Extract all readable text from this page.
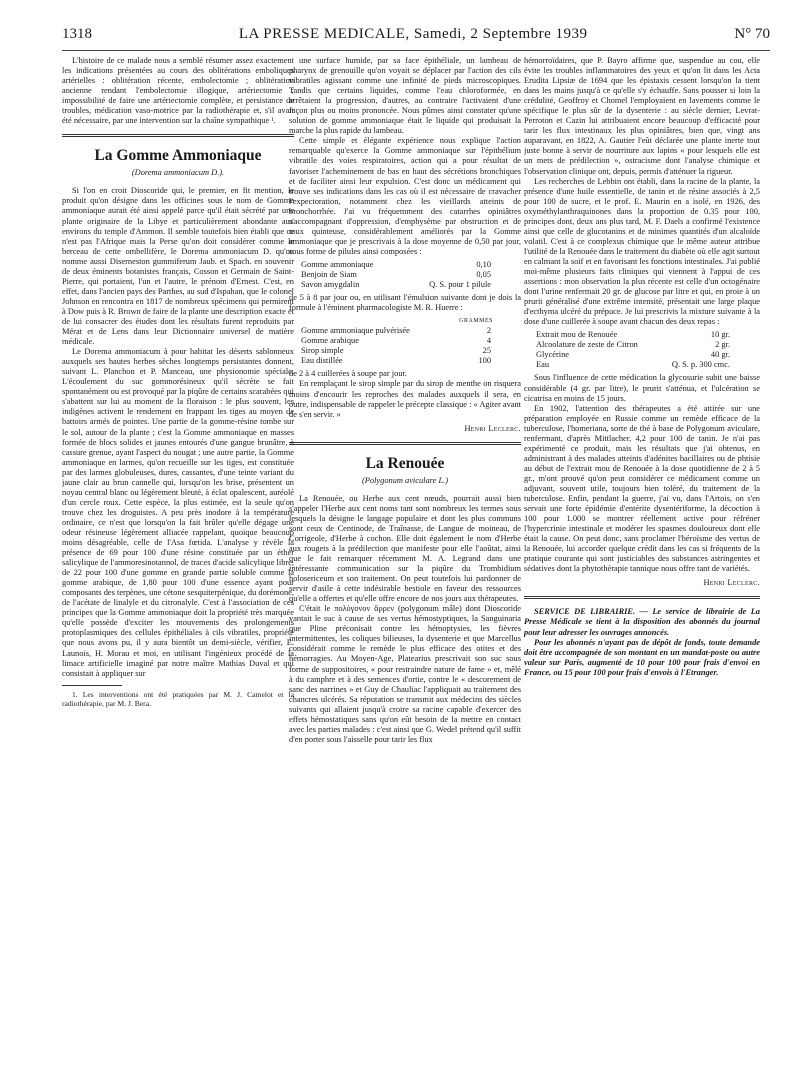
1318	LA PRESSE MEDICALE, Samedi, 2 Septembre 1939	N° 70

L'histoire de ce malade nous a semblé résumer assez exactement les indications présentées au cours des oblitérations emboliques artérielles : oblitération récente, embolectomie ; oblitération ancienne rendant l'embolectomie illogique, artériectomie ; impossibilité de faire une artériectomie complète, et persistance de troubles, médication vaso-motrice par la radiothérapie et, s'il avait été nécessaire, par une intervention sur la chaîne sympathique ¹.

La Gomme Ammoniaque
(Dorema ammoniacum D.).

Si l'on en croit Dioscoride qui, le premier, en fit mention, le produit qu'on désigne dans les officines sous le nom de Gomme ammoniaque aurait été ainsi appelé parce qu'il était sécrété par une plante originaire de la Libye et particulièrement abondante aux environs du temple d'Ammon. Il semble toutefois bien établi que ce n'est pas l'Afrique mais la Perse qu'on doit considérer comme le berceau de cette ombellifère, le Dorema ammoniacum D. qu'on nomme aussi Diserneston gummiferum Jaub. et Spach. en souvenir de deux éminents botanistes français, Cosson et Germain de Saint-Pierre, qui portaient, l'un et l'autre, le prénom d'Ernest. C'est, en effet, dans l'ancien pays des Parthes, au sud d'Ispahan, que le colonel Johnson en rencontra en 1817 de nombreux spécimens qui permirent à Dow puis à R. Brown de faire de la plante une description exacte et de lui consacrer des études dont les résultats furent reproduits par Mérat et de Lens dans leur Dictionnaire universel de matière médicale.

Le Dorema ammoniacum à pour habitat les déserts sablonneux auxquels ses hautes herbes sèches longtemps persistantes donnent, suivant L. Planchon et P. Manceau, une physionomie spéciale. L'écoulement du suc gommorésineux qu'il sécrète se fait spontanément ou est provoqué par la piqûre de certains scarabées qui s'abattent sur lui au moment de la floraison : le plus souvent, les indigènes activent le rendement en frappant les tiges au moyen de battoirs armés de pointes. Une partie de la gomme-résine tombe sur le sol, autour de la plante ; c'est la Gomme ammoniaque en masses formée de blocs solides et jaunes entourés d'une gangue brunâtre, à cassure grenue, ayant l'aspect du nougat ; une autre partie, la Gomme ammoniaque en larmes, qu'on recueille sur les tiges, est constituée par des larmes globuleuses, dures, cassantes, d'une teinte variant du jaune clair au brun cannelle qui, lorsqu'on les brise, présentent un noyau central blanc ou légèrement bleuté, à éclat opalescent, auréolé d'un cercle roux. Cette espèce, la plus estimée, est la seule qu'on trouve chez les droguistes. A peu près inodore à la température ordinaire, ce n'est que lorsqu'on la fait brûler qu'elle dégage une odeur résineuse légèrement alliacée rappelant, quoique beaucoup moins désagréable, celle de l'Asa fœtida. L'analyse y révèle la présence de 69 pour 100 d'une résine constituée par un éther salicylique de l'ammoresinotannol, de traces d'acide salicylique libre, de 22 pour 100 d'une gomme en grande partie soluble comme la gomme arabique, de 1,80 pour 100 d'une essence ayant pour composants des terpènes, une cétone sesquiterpénique, du dorémone, de l'acétate de linalyle et du citronalyle. C'est à l'association de ces principes que la Gomme ammoniaque doit la propriété très marquée qu'elle possède d'exciter les mouvements des prolongements protoplasmiques des cellules épithéliales à cils vibratiles, propriété que nous avons pu, il y aura bientôt un demi-siècle, vérifier, E. Launois, H. Morau et moi, en utilisant l'ingénieux procédé de la limace artificielle imaginé par notre maître Mathias Duval et qui consistait à appliquer sur

1. Les interventions ont été pratiquées par M. J. Camelot et la radiothérapie, par M. J. Bera.

une surface humide, par sa face épithéliale, un lambeau de pharynx de grenouille qu'on voyait se déplacer par l'action des cils vibratiles agissant comme une infinité de pieds microscopiques. Tandis que certains liquides, comme l'eau chloroformée, en arrêtaient la progression, d'autres, au contraire l'activaient d'une façon plus ou moins prononcée. Nous pûmes ainsi constater qu'une solution de gomme ammoniaque était le liquide qui produisait la marche la plus rapide du lambeau.

Cette simple et élégante expérience nous explique l'action remarquable qu'exerce la Gomme ammoniaque sur l'épithélium vibratile des voies respiratoires, action qui a pour résultat de favoriser l'acheminement de bas en haut des sécrétions bronchiques et de faciliter ainsi leur expulsion. C'est donc un médicament qui trouve ses indications dans les cas où il est nécessaire de cravacher l'expectoration, notamment chez les vieillards atteints de bronchorrhée. J'ai vu fréquemment des catarrhes opiniâtres s'accompagnant d'oppression, d'emphysème par obstruction et de toux quinteuse, considérablement améliorés par la Gomme ammoniaque que je prescrivais à la dose moyenne de 0,50 par jour, sous forme de pilules ainsi composées :

Gomme ammoniaque	0,10
Benjoin de Siam	0,05
Savon amygdalin	Q. S. pour 1 pilule

de 5 à 8 par jour ou, en utilisant l'émulsion suivante dont je dois la formule à l'éminent pharmacologiste M. R. Huerre :

GRAMMES
Gomme ammoniaque pulvérisée	2
Gomme arabique	4
Sirop simple	25
Eau distillée	100

de 2 à 4 cuillerées à soupe par jour.

En remplaçant le sirop simple par du sirop de menthe on risquera moins d'encourir les reproches des malades auxquels il sera, en outre, indispensable de rappeler le précepte classique : « Agiter avant de s'en servir. »

Henri Leclerc.
La Renouée
(Polygonum aviculare L.)

La Renouée, ou Herbe aux cent nœuds, pourrait aussi bien s'appeler l'Herbe aux cent noms tant sont nombreux les termes sous lesquels la désigne le langage populaire et dont les plus communs sont ceux de Centinode, de Traînasse, de Langue de moineau, de Corrigeole, d'Herbe à cochon. Elle doit également le nom d'Herbe aux rougets à la prédilection que manifeste pour elle l'aoûtat, ainsi que le fait remarquer récemment M. A. Legrand dans une intéressante communication sur la piqûre du Trombidium holosericeum et son traitement. On peut toutefois lui pardonner de servir d'asile à cette indésirable bestiole en faveur des ressources qu'elle a offertes et qu'elle offre encore de nos jours aux thérapeutes.

C'était le πολύγονον ἄρρεν (polygonum mâle) dont Dioscoride vantait le suc à cause de ses vertus hémostyptiques, la Sanguinaria que Pline préconisait contre les hémoptysies, les fièvres intermittentes, les coliques bilieuses, la dysenterie et que Marcellus considérait comme le remède le plus efficace des otites et des hémorragies. Au Moyen-Age, Platearius prescrivait son suc sous forme de suppositoires, « pour restraindre nature de fame » et, mêlé à du camphre et à des semences d'ortie, contre le « descorement de sanc des narrines » et Guy de Chauliac l'appliquait au traitement des chancres ulcérés. Sa réputation se transmit aux médecins des siècles suivants qui allaient jusqu'à croire sa racine capable d'exercer des effets hémostatiques sans qu'on eût besoin de la mettre en contact avec les parties malades : c'est ainsi que G. Wedel prétend qu'il suffit d'en porter sous l'aisselle pour tarir les flux

hémorroïdaires, que P. Bayro affirme que, suspendue au cou, elle évite les troubles inflammatoires des yeux et qu'on lit dans les Acta Erudita Lipsiæ de 1694 que les épistaxis cessent lorsqu'on la tient dans les mains jusqu'à ce qu'elle s'y échauffe. Sans pousser si loin la crédulité, Geoffroy et Chomel l'employaient en lavements comme le spécifique le plus sûr de la dysenterie : au siècle dernier, Levrat-Perroton et Cazin lui attribuaient encore beaucoup d'efficacité pour tarir les flux intestinaux les plus opiniâtres, bien que, vingt ans auparavant, en 1822, A. Gautier l'eût déclarée une plante inerte tout juste bonne à servir de nourriture aux lapins « pour lesquels elle est un mets de prédilection », ostracisme dont l'analyse chimique et l'observation clinique ont, depuis, permis d'atténuer la rigueur.

Les recherches de Lebbin ont établi, dans la racine de la plante, la présence d'une huile essentielle, de tanin et de résine associés à 2,5 pour 100 de sucre, et le prof. E. Maurin en a isolé, en 1926, des oxyméthylanthraquinones dans la proportion de 0.35 pour 100, principes dont, deux ans plus tard, M. F. Daels a confirmé l'existence ainsi que celle de glucotanins et de minimes quantités d'un alcaloïde volatil. C'est à ce complexus chimique que le même auteur attribue l'utilité de la Renouée dans le traitement du diabète où elle agit surtout en calmant la soif et en favorisant les fonctions intestinales. J'ai publié moi-même plusieurs faits cliniques qui viennent à l'appui de ces assertions : mon observation la plus récente est celle d'un octogénaire dont l'urine renfermait 20 gr. de glucose par litre et qui, en proie à un prurit généralisé d'une extrême intensité, présentait une large plaque d'ecthyma ulcéré du prépuce. Je lui prescrivis la mixture suivante à la dose d'une cuillerée à soupe avant chacun des deux repas :

Extrait mou de Renouée	10 gr.
Alcoolature de zeste de Citron	2 gr.
Glycérine	40 gr.
Eau	Q. S. p. 300 cmc.

Sous l'influence de cette médication la glycosurie subit une baisse considérable (4 gr. par litre), le prurit s'atténua, et l'ulcération se cicatrisa en moins de 15 jours.

En 1902, l'attention des thérapeutes a été attirée sur une préparation employée en Russie comme un remède efficace de la tuberculose, l'homeriana, sorte de thé à base de Polygonum aviculare, renfermant, d'après Mittlacher, 4,2 pour 100 de tanin. Je n'ai pas expérimenté ce produit, mais les résultats que j'ai obtenus, en administrant à des malades atteints d'adénites bacillaires ou de phtisie au début de l'extrait mou de Renouée à la dose quotidienne de 2 à 5 gr., m'ont prouvé qu'on peut considérer ce médicament comme un adjuvant, souvent utile, toujours bien toléré, du traitement de la tuberculose. Enfin, pendant la guerre, j'ai vu, dans l'Artois, on s'en servait une forte épidémie d'entérite dysentériforme, la décoction à 100 pour 1.000 se montrer réellement active pour réfréner l'hypercrinie intestinale et modérer les spasmes douloureux dont elle était la cause. On peut donc, sans proclamer l'héroïsme des vertus de la Renouée, lui accorder quelque crédit dans les cas si fréquents de la pratique courante qui sont justiciables des substances astringentes et sédatives dont la phytothérapie tannique nous offre tant de variétés.

Henri Leclerc.

SERVICE DE LIBRAIRIE. — Le service de librairie de La Presse Médicale se tient à la disposition des abonnés du journal pour leur adresser les ouvrages annoncés.

Pour les abonnés n'ayant pas de dépôt de fonds, toute demande doit être accompagnée de son montant en un mandat-poste ou autre valeur sur Paris, augmenté de 10 pour 100 pour frais d'envoi en France, ou 15 pour 100 pour frais d'envois à l'Etranger.
